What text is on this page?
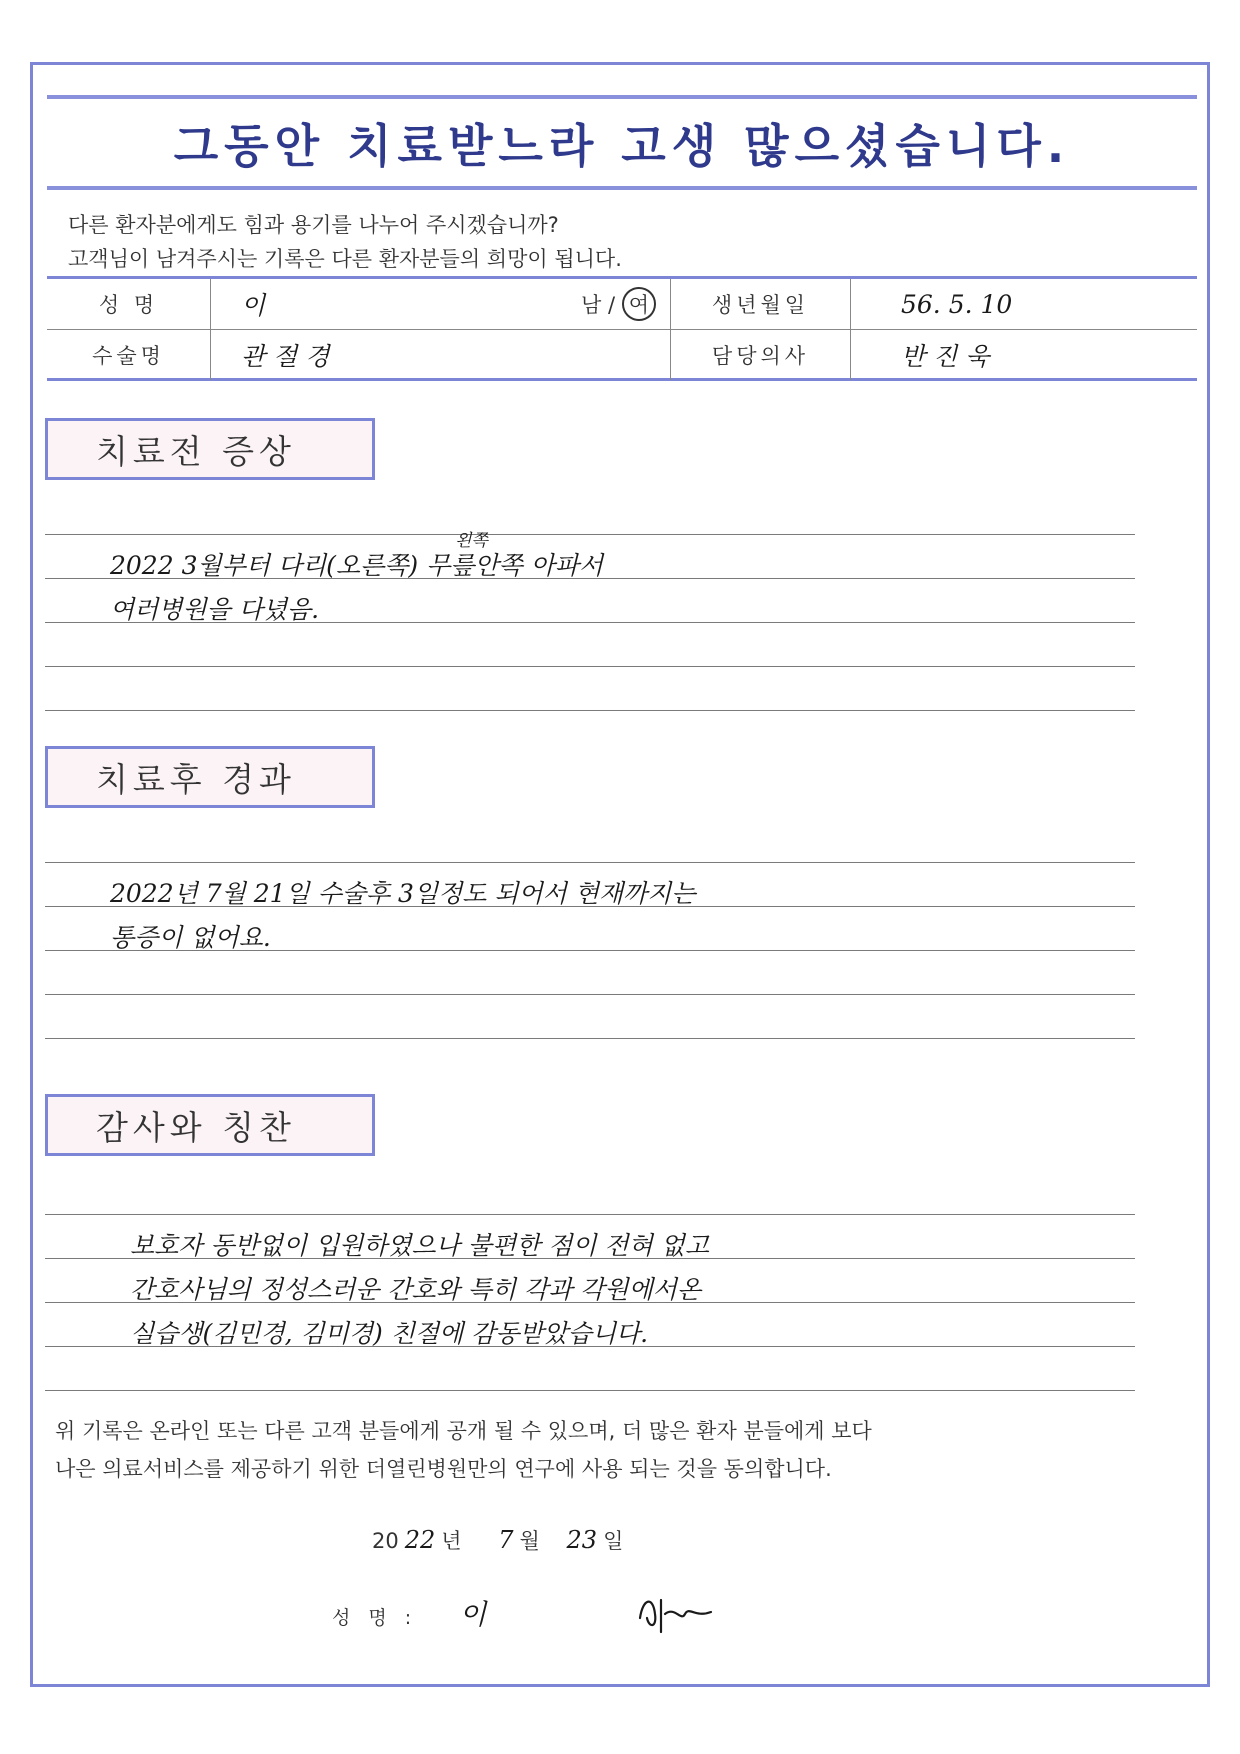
그동안 치료받느라 고생 많으셨습니다.
다른 환자분에게도 힘과 용기를 나누어 주시겠습니까?
고객님이 남겨주시는 기록은 다른 환자분들의 희망이 됩니다.
성 명	이	남 / 여	생년월일	56. 5. 10
수술명	관 절 경	담당의사	반 진 욱
치료전 증상
왼쪽
2022 3월부터 다리(오른쪽) 무릎안쪽 아파서
여러병원을 다녔음.
치료후 경과
2022년 7월 21일 수술후 3일정도 되어서 현재까지는
통증이 없어요.
감사와 칭찬
보호자 동반없이 입원하였으나 불편한 점이 전혀 없고
간호사님의 정성스러운 간호와 특히 각과 각원에서온
실습생(김민경, 김미경) 친절에 감동받았습니다.
위 기록은 온라인 또는 다른 고객 분들에게 공개 될 수 있으며, 더 많은 환자 분들에게 보다
나은 의료서비스를 제공하기 위한 더열린병원만의 연구에 사용 되는 것을 동의합니다.
20 22 년 7 월 23 일
성 명 : 이
